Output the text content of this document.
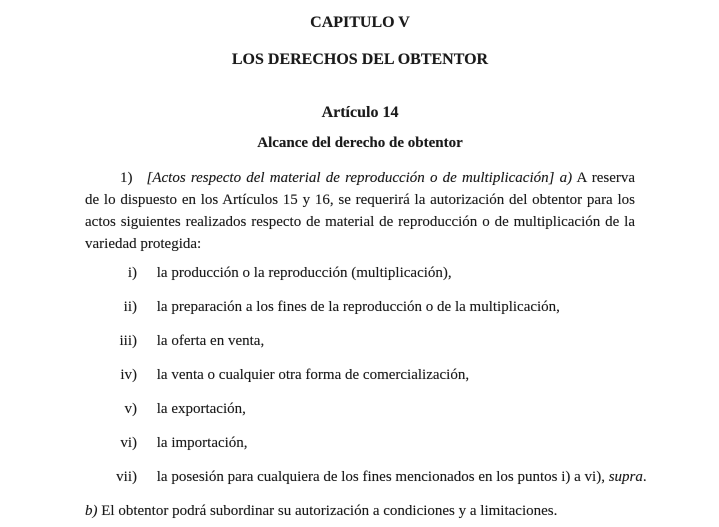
CAPITULO V

LOS DERECHOS DEL OBTENTOR

Artículo 14

Alcance del derecho de obtentor

1) [Actos respecto del material de reproducción o de multiplicación] a) A reserva de lo dispuesto en los Artículos 15 y 16, se requerirá la autorización del obtentor para los actos siguientes realizados respecto de material de reproducción o de multiplicación de la variedad protegida:

i) la producción o la reproducción (multiplicación),
ii) la preparación a los fines de la reproducción o de la multiplicación,
iii) la oferta en venta,
iv) la venta o cualquier otra forma de comercialización,
v) la exportación,
vi) la importación,
vii) la posesión para cualquiera de los fines mencionados en los puntos i) a vi), supra.

b) El obtentor podrá subordinar su autorización a condiciones y a limitaciones.
